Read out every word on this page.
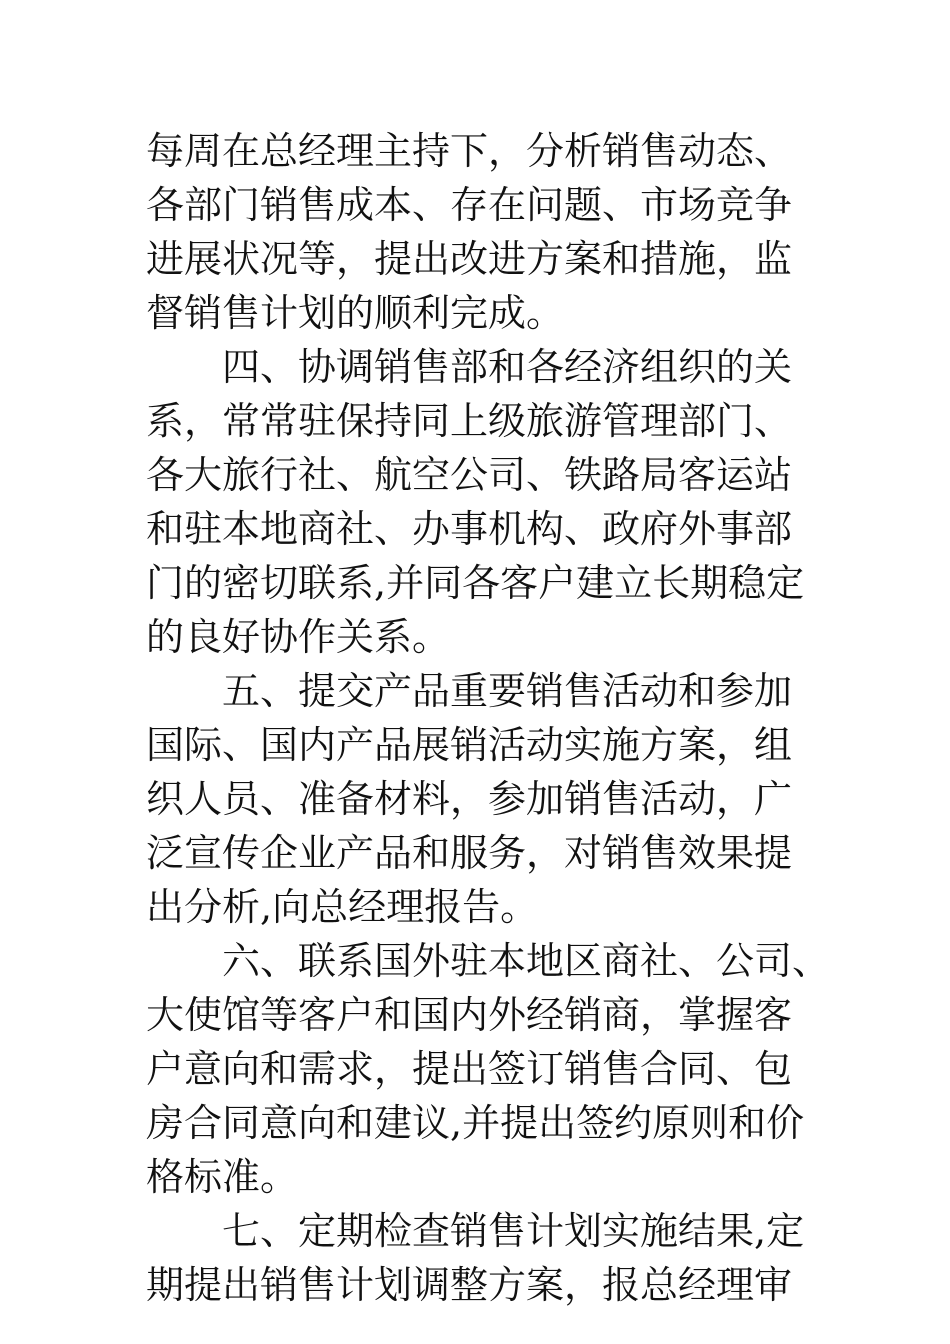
每周在总经理主持下，分析销售动态、
各部门销售成本、存在问题、市场竞争
进展状况等，提出改进方案和措施，监
督销售计划的顺利完成。
四、协调销售部和各经济组织的关
系，常常驻保持同上级旅游管理部门、
各大旅行社、航空公司、铁路局客运站
和驻本地商社、办事机构、政府外事部
门的密切联系,并同各客户建立长期稳定
的良好协作关系。
五、提交产品重要销售活动和参加
国际、国内产品展销活动实施方案，组
织人员、准备材料，参加销售活动，广
泛宣传企业产品和服务，对销售效果提
出分析,向总经理报告。
六、联系国外驻本地区商社、公司、
大使馆等客户和国内外经销商，掌握客
户意向和需求，提出签订销售合同、包
房合同意向和建议,并提出签约原则和价
格标准。
七、定期检查销售计划实施结果,定
期提出销售计划调整方案，报总经理审
